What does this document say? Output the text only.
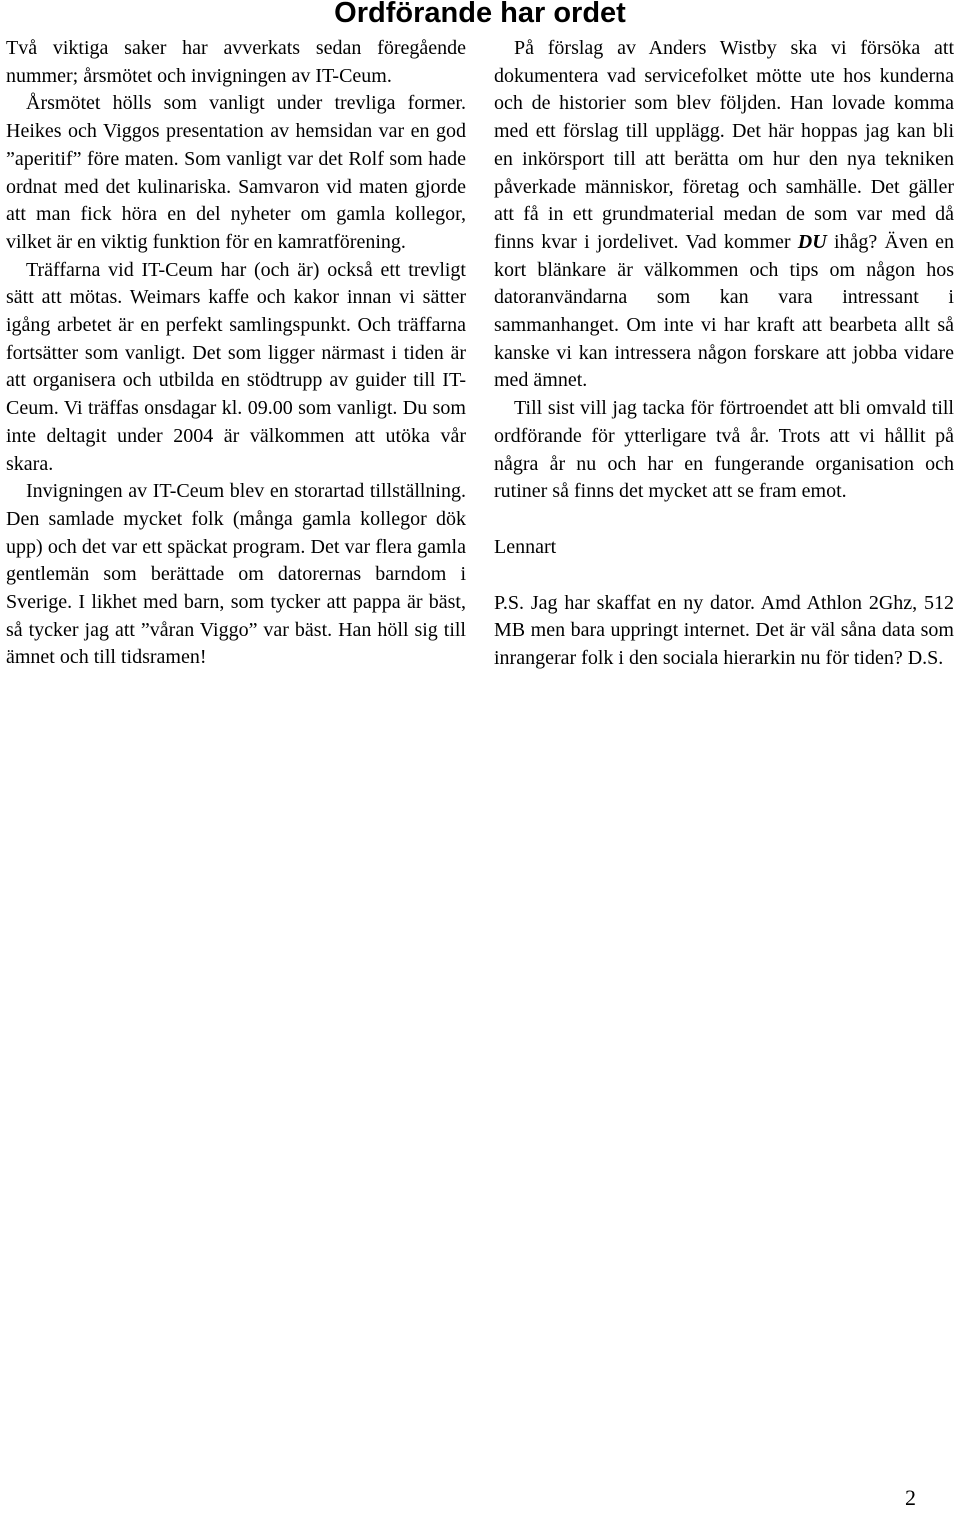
Ordförande har ordet

Två viktiga saker har avverkats sedan föregående nummer; årsmötet och invigningen av IT-Ceum.

Årsmötet hölls som vanligt under trevliga former. Heikes och Viggos presentation av hemsidan var en god ”aperitif” före maten. Som vanligt var det Rolf som hade ordnat med det kulinariska. Samvaron vid maten gjorde att man fick höra en del nyheter om gamla kollegor, vilket är en viktig funktion för en kamratförening.

Träffarna vid IT-Ceum har (och är) också ett trevligt sätt att mötas. Weimars kaffe och kakor innan vi sätter igång arbetet är en perfekt samlingspunkt. Och träffarna fortsätter som vanligt. Det som ligger närmast i tiden är att organisera och utbilda en stödtrupp av guider till IT-Ceum. Vi träffas onsdagar kl. 09.00 som vanligt. Du som inte deltagit under 2004 är välkommen att utöka vår skara.

Invigningen av IT-Ceum blev en storartad tillställning. Den samlade mycket folk (många gamla kollegor dök upp) och det var ett späckat program. Det var flera gamla gentlemän som berättade om datorernas barndom i Sverige. I likhet med barn, som tycker att pappa är bäst, så tycker jag att ”våran Viggo” var bäst. Han höll sig till ämnet och till tidsramen!

På förslag av Anders Wistby ska vi försöka att dokumentera vad servicefolket mötte ute hos kunderna och de historier som blev följden. Han lovade komma med ett förslag till upplägg. Det här hoppas jag kan bli en inkörsport till att berätta om hur den nya tekniken påverkade människor, företag och samhälle. Det gäller att få in ett grundmaterial medan de som var med då finns kvar i jordelivet. Vad kommer DU ihåg? Även en kort blänkare är välkommen och tips om någon hos datoranvändarna som kan vara intressant i sammanhanget. Om inte vi har kraft att bearbeta allt så kanske vi kan intressera någon forskare att jobba vidare med ämnet.

Till sist vill jag tacka för förtroendet att bli omvald till ordförande för ytterligare två år. Trots att vi hållit på några år nu och har en fungerande organisation och rutiner så finns det mycket att se fram emot.

Lennart

P.S. Jag har skaffat en ny dator. Amd Athlon 2Ghz, 512 MB men bara uppringt internet. Det är väl såna data som inrangerar folk i den sociala hierarkin nu för tiden? D.S.

2
